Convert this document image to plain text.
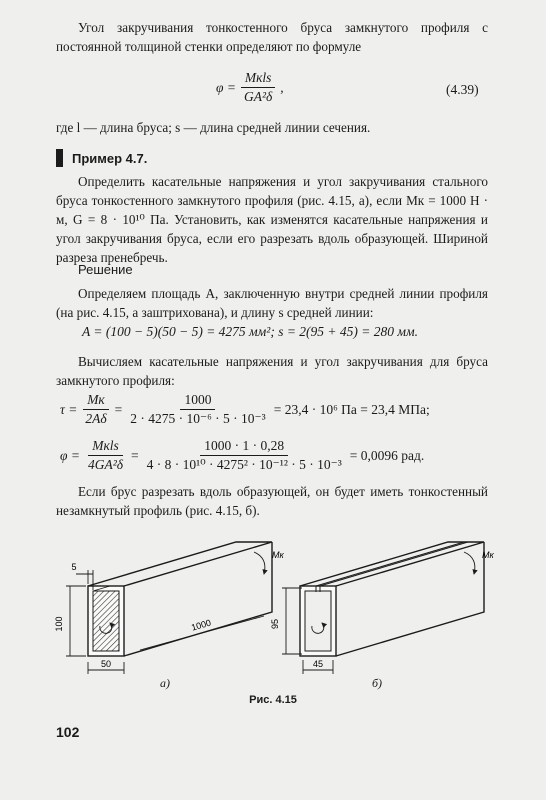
Угол закручивания тонкостенного бруса замкнутого профиля с постоянной толщиной стенки определяют по формуле
$\varphi = \frac{\text{Mкls}}{\text{GA²δ}}$ ,	(4.39)
где l — длина бруса; s — длина средней линии сечения.
Пример 4.7.
Определить касательные напряжения и угол закручивания стального бруса тонкостенного замкнутого профиля (рис. 4.15, а), если Mк = 1000 Н · м, G = 8 · 10¹⁰ Па. Установить, как изменятся касательные напряжения и угол закручивания бруса, если его разрезать вдоль образующей. Шириной разреза пренебречь.
Решение
Определяем площадь A, заключенную внутри средней линии профиля (на рис. 4.15, а заштрихована), и длину s средней линии:
A = (100 − 5)(50 − 5) = 4275 мм²; s = 2(95 + 45) = 280 мм.
Вычисляем касательные напряжения и угол закручивания для бруса замкнутого профиля:
$\tau = \frac{Mк}{2A\delta} = \frac{1000}{\text{2 · 4275 · 10⁻⁶ · 5 · 10⁻³}} = 23,4 \cdot 10^6$ Па = 23,4 МПа;
$\varphi = \frac{\text{Mкls}}{\text{4GA²δ}} = \frac{1000 \cdot 1 \cdot 0,28}{\text{4 · 8 · 10¹⁰ · 4275² · 10⁻¹² · 5 · 10⁻³}} = 0,0096$ рад.
Если брус разрезать вдоль образующей, он будет иметь тонкостенный незамкнутый профиль (рис. 4.15, б).
100
50
5
1000
Mк
95
45
Mк
а)	б)
Рис. 4.15
102
